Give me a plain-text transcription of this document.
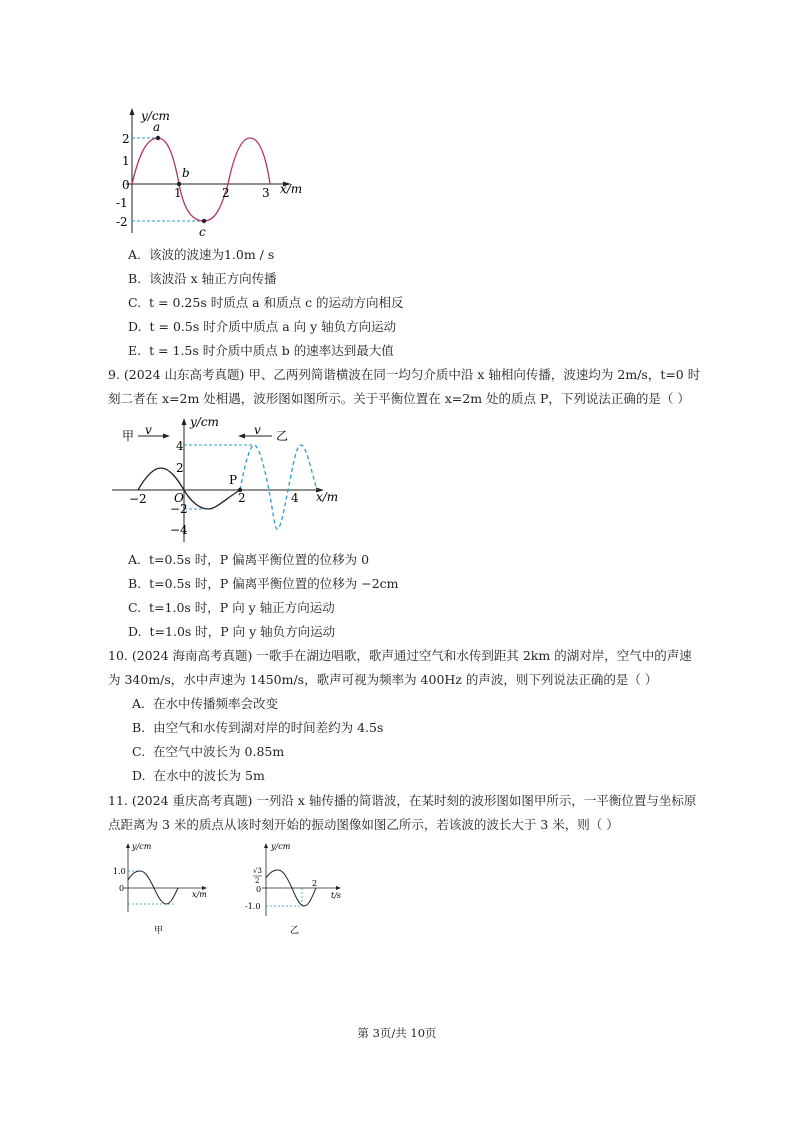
y/cm
x/m
2
1
0
-1
-2
1	2	3
a
b
c
A. 该波的波速为1.0m / s
B. 该波沿 x 轴正方向传播
C. t = 0.25s 时质点 a 和质点 c 的运动方向相反
D. t = 0.5s 时介质中质点 a 向 y 轴负方向运动
E. t = 1.5s 时介质中质点 b 的速率达到最大值
9. (2024 山东高考真题) 甲、乙两列简谐横波在同一均匀介质中沿 x 轴相向传播，波速均为 2m/s，t=0 时
刻二者在 x=2m 处相遇，波形图如图所示。关于平衡位置在 x=2m 处的质点 P，下列说法正确的是（ ）
甲 v	v 乙
y/cm
x/m
4
2
−2
−4
−2 O	2	4
P
A. t=0.5s 时，P 偏离平衡位置的位移为 0
B. t=0.5s 时，P 偏离平衡位置的位移为 −2cm
C. t=1.0s 时，P 向 y 轴正方向运动
D. t=1.0s 时，P 向 y 轴负方向运动
10. (2024 海南高考真题) 一歌手在湖边唱歌，歌声通过空气和水传到距其 2km 的湖对岸，空气中的声速
为 340m/s，水中声速为 1450m/s，歌声可视为频率为 400Hz 的声波，则下列说法正确的是（ ）
A. 在水中传播频率会改变
B. 由空气和水传到湖对岸的时间差约为 4.5s
C. 在空气中波长为 0.85m
D. 在水中的波长为 5m
11. (2024 重庆高考真题) 一列沿 x 轴传播的简谐波，在某时刻的波形图如图甲所示，一平衡位置与坐标原
点距离为 3 米的质点从该时刻开始的振动图像如图乙所示，若该波的波长大于 3 米，则（ ）
y/cm
x/m
1.0
0
甲
y/cm
t/s
√3
2
0
-1.0
2
乙
第 3页/共 10页
